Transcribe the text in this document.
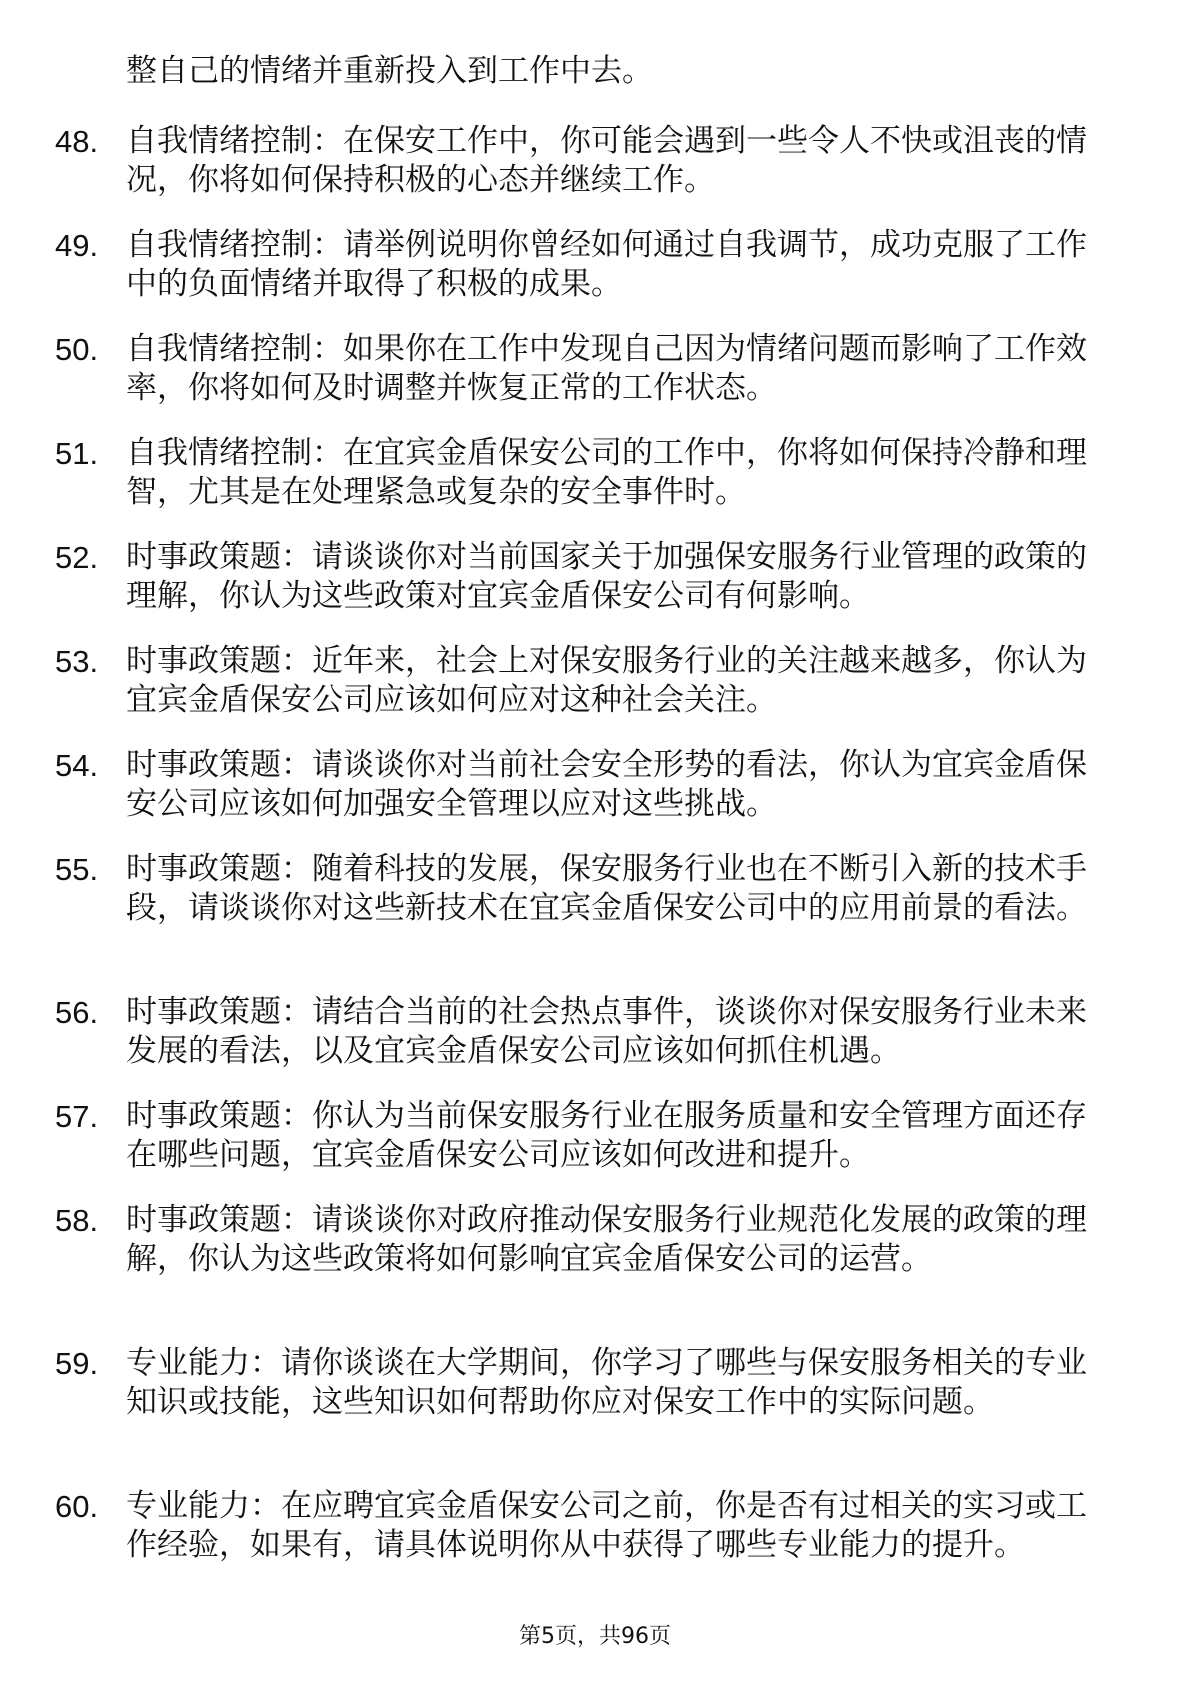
整自己的情绪并重新投入到工作中去。

48. 自我情绪控制：在保安工作中，你可能会遇到一些令人不快或沮丧的情况，你将如何保持积极的心态并继续工作。
49. 自我情绪控制：请举例说明你曾经如何通过自我调节，成功克服了工作中的负面情绪并取得了积极的成果。
50. 自我情绪控制：如果你在工作中发现自己因为情绪问题而影响了工作效率，你将如何及时调整并恢复正常的工作状态。
51. 自我情绪控制：在宜宾金盾保安公司的工作中，你将如何保持冷静和理智，尤其是在处理紧急或复杂的安全事件时。
52. 时事政策题：请谈谈你对当前国家关于加强保安服务行业管理的政策的理解，你认为这些政策对宜宾金盾保安公司有何影响。
53. 时事政策题：近年来，社会上对保安服务行业的关注越来越多，你认为宜宾金盾保安公司应该如何应对这种社会关注。
54. 时事政策题：请谈谈你对当前社会安全形势的看法，你认为宜宾金盾保安公司应该如何加强安全管理以应对这些挑战。
55. 时事政策题：随着科技的发展，保安服务行业也在不断引入新的技术手段，请谈谈你对这些新技术在宜宾金盾保安公司中的应用前景的看法。
56. 时事政策题：请结合当前的社会热点事件，谈谈你对保安服务行业未来发展的看法，以及宜宾金盾保安公司应该如何抓住机遇。
57. 时事政策题：你认为当前保安服务行业在服务质量和安全管理方面还存在哪些问题，宜宾金盾保安公司应该如何改进和提升。
58. 时事政策题：请谈谈你对政府推动保安服务行业规范化发展的政策的理解，你认为这些政策将如何影响宜宾金盾保安公司的运营。
59. 专业能力：请你谈谈在大学期间，你学习了哪些与保安服务相关的专业知识或技能，这些知识如何帮助你应对保安工作中的实际问题。
60. 专业能力：在应聘宜宾金盾保安公司之前，你是否有过相关的实习或工作经验，如果有，请具体说明你从中获得了哪些专业能力的提升。
第5页，共96页
